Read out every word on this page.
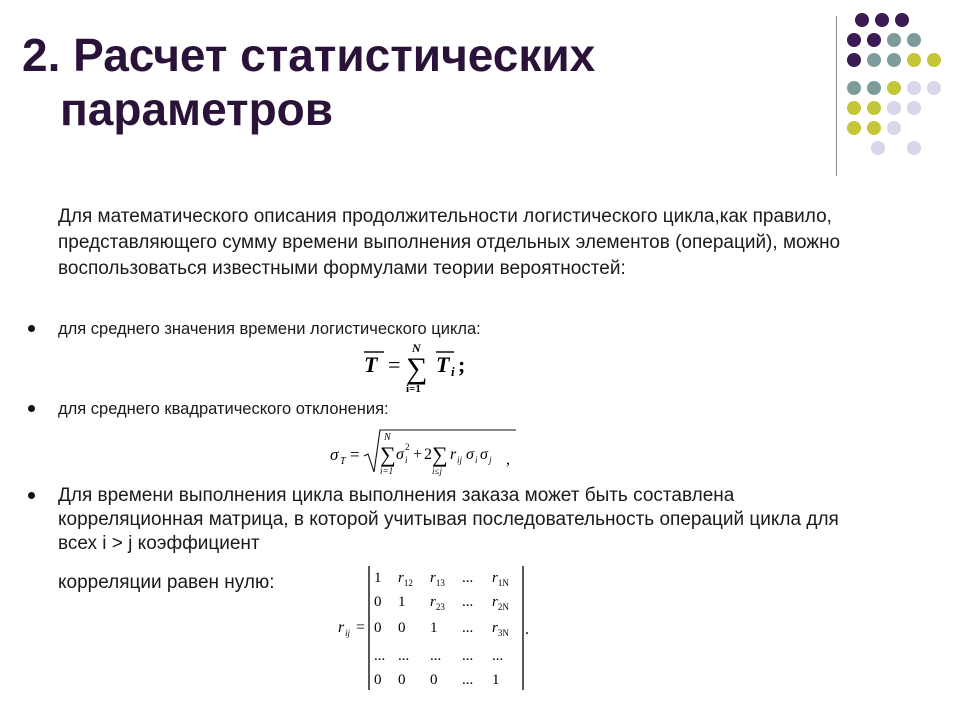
2. Расчет статистических
параметров
Для математического описания продолжительности логистического цикла,как правило, представляющего сумму времени выполнения отдельных элементов (операций), можно воспользоваться известными формулами теории вероятностей:
для среднего значения времени логистического цикла:
T =
N
∑
i=1
T i ;
для среднего квадратического отклонения:
σ T =
N
∑
i=1
σ i
2 + 2 ∑
i≤j
r ij σ i σ j ,
Для времени выполнения цикла выполнения заказа может быть составлена корреляционная матрица, в которой учитывая последовательность операций цикла для всех i > j коэффициент
корреляции равен нулю:
r ij =
1 $r_{12}$ $r_{13}$ ... $r_{1N}$
0 1 $r_{23}$ ... $r_{2N}$
0 0 1 ... $r_{3N}$
... ... ... ... ...
0 0 0 ... 1
.
